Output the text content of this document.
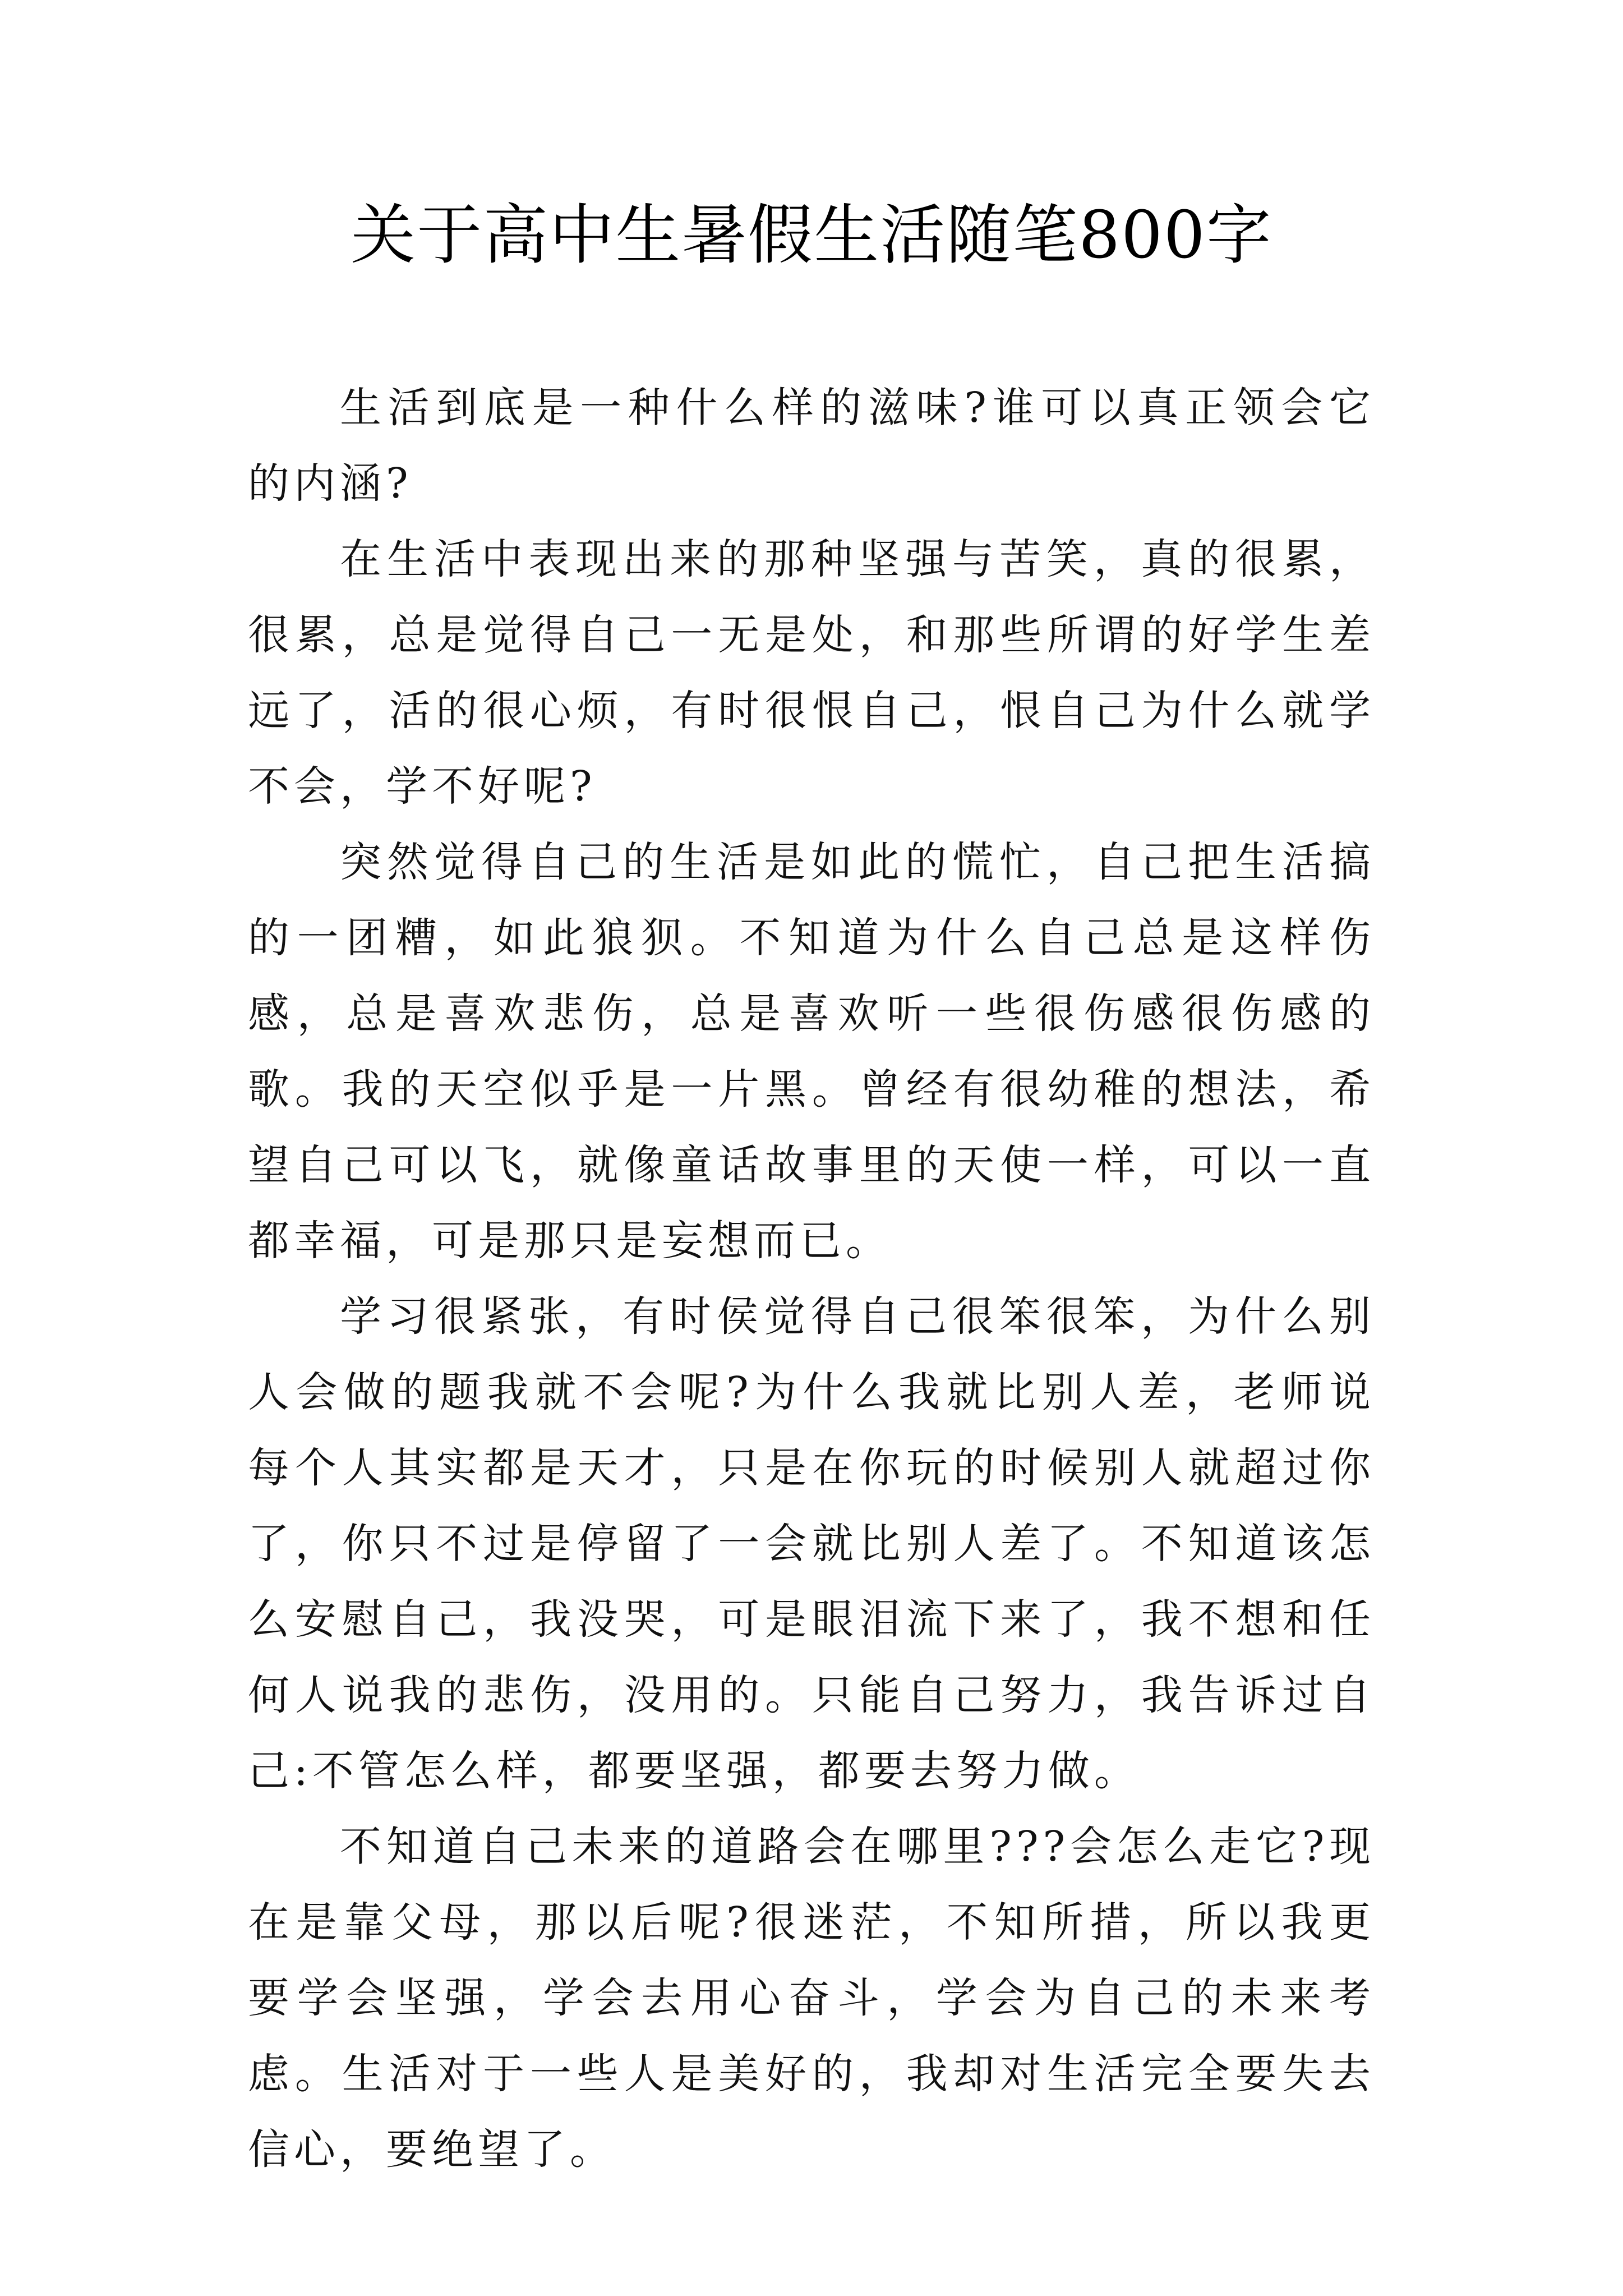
关于高中生暑假生活随笔800字

生活到底是一种什么样的滋味?谁可以真正领会它的内涵?

在生活中表现出来的那种坚强与苦笑，真的很累，很累，总是觉得自己一无是处，和那些所谓的好学生差远了，活的很心烦，有时很恨自己，恨自己为什么就学不会，学不好呢?

突然觉得自己的生活是如此的慌忙，自己把生活搞的一团糟，如此狼狈。不知道为什么自己总是这样伤感，总是喜欢悲伤，总是喜欢听一些很伤感很伤感的歌。我的天空似乎是一片黑。曾经有很幼稚的想法，希望自己可以飞，就像童话故事里的天使一样，可以一直都幸福，可是那只是妄想而已。

学习很紧张，有时侯觉得自己很笨很笨，为什么别人会做的题我就不会呢?为什么我就比别人差，老师说每个人其实都是天才，只是在你玩的时候别人就超过你了，你只不过是停留了一会就比别人差了。不知道该怎么安慰自己，我没哭，可是眼泪流下来了，我不想和任何人说我的悲伤，没用的。只能自己努力，我告诉过自己:不管怎么样，都要坚强，都要去努力做。

不知道自己未来的道路会在哪里???会怎么走它?现在是靠父母，那以后呢?很迷茫，不知所措，所以我更要学会坚强，学会去用心奋斗，学会为自己的未来考虑。生活对于一些人是美好的，我却对生活完全要失去信心，要绝望了。
